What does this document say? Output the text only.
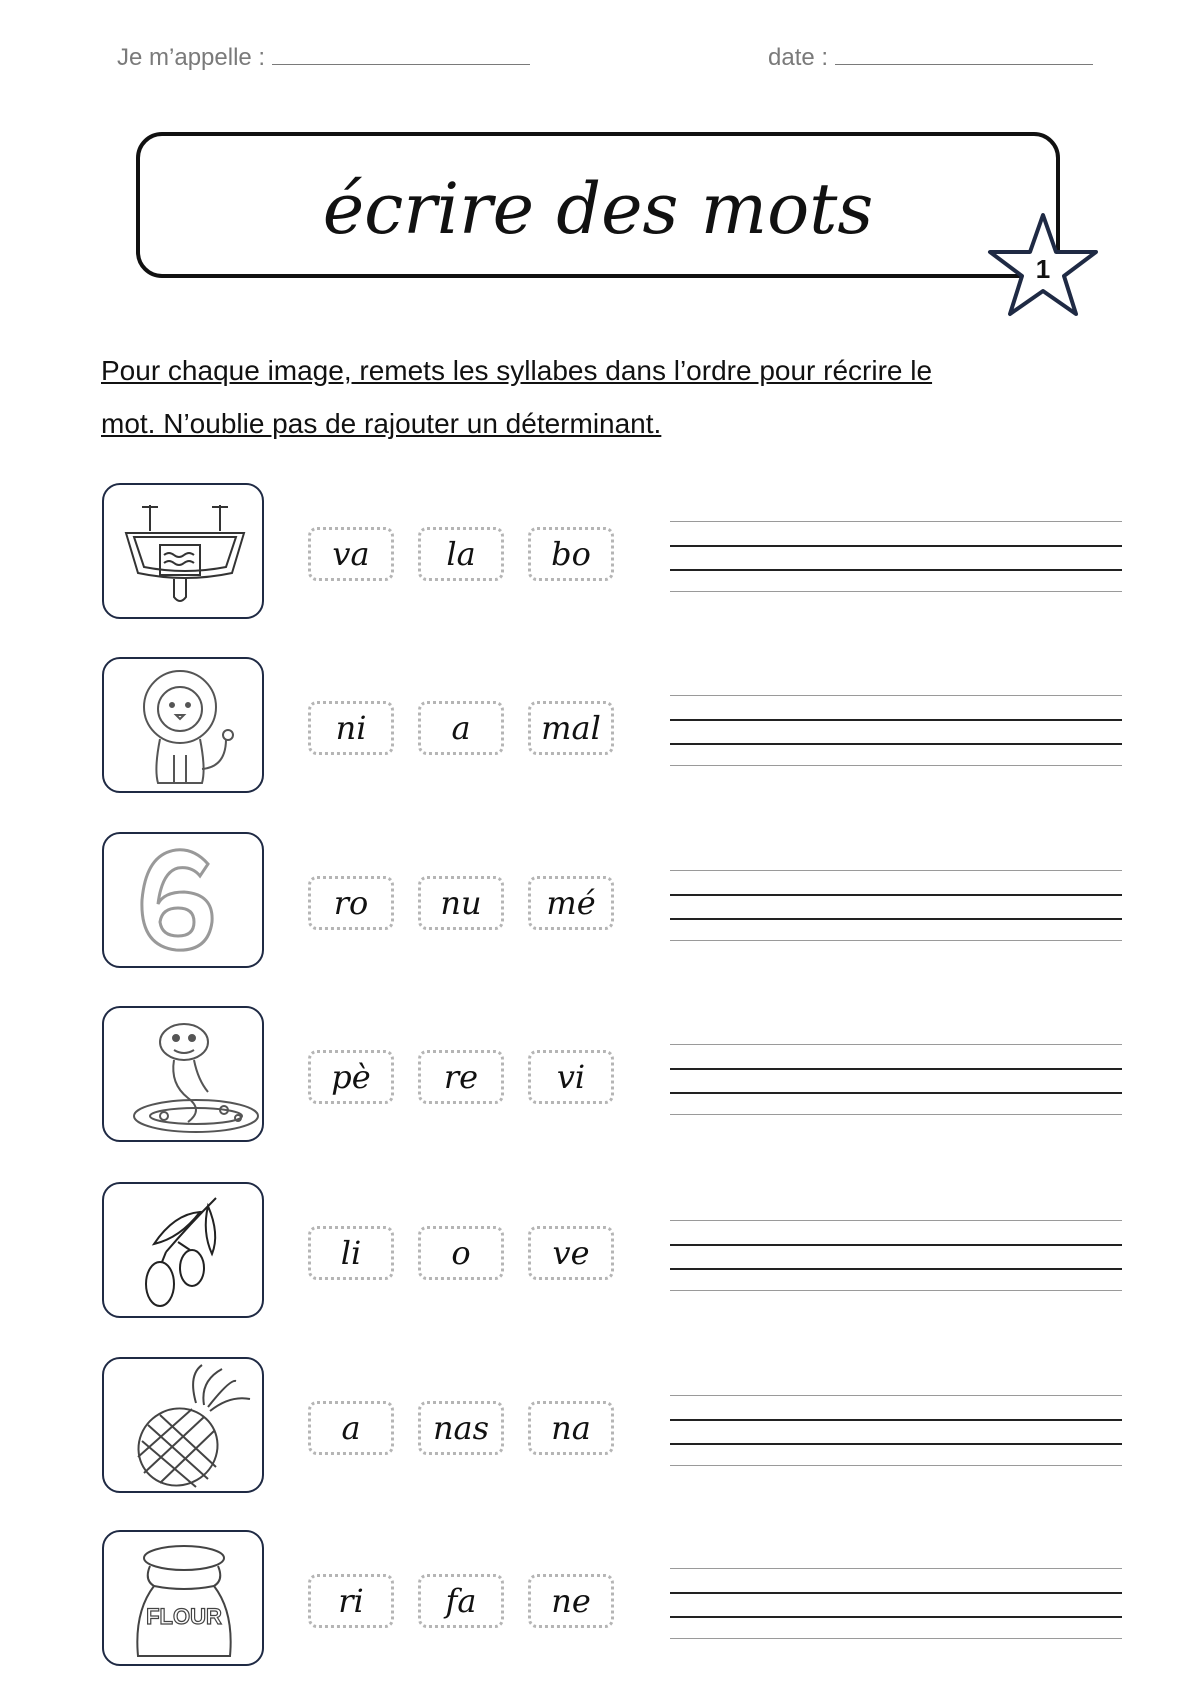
Je m’appelle :	date :
écrire des mots
1

Pour chaque image, remets les syllabes dans l’ordre pour récrire le

mot. N’oublie pas de rajouter un déterminant.

va	la	bo
ni	a	mal
ro	nu	mé
pè	re	vi
li	o	ve
a	nas	na
FLOUR	ri	fa	ne
